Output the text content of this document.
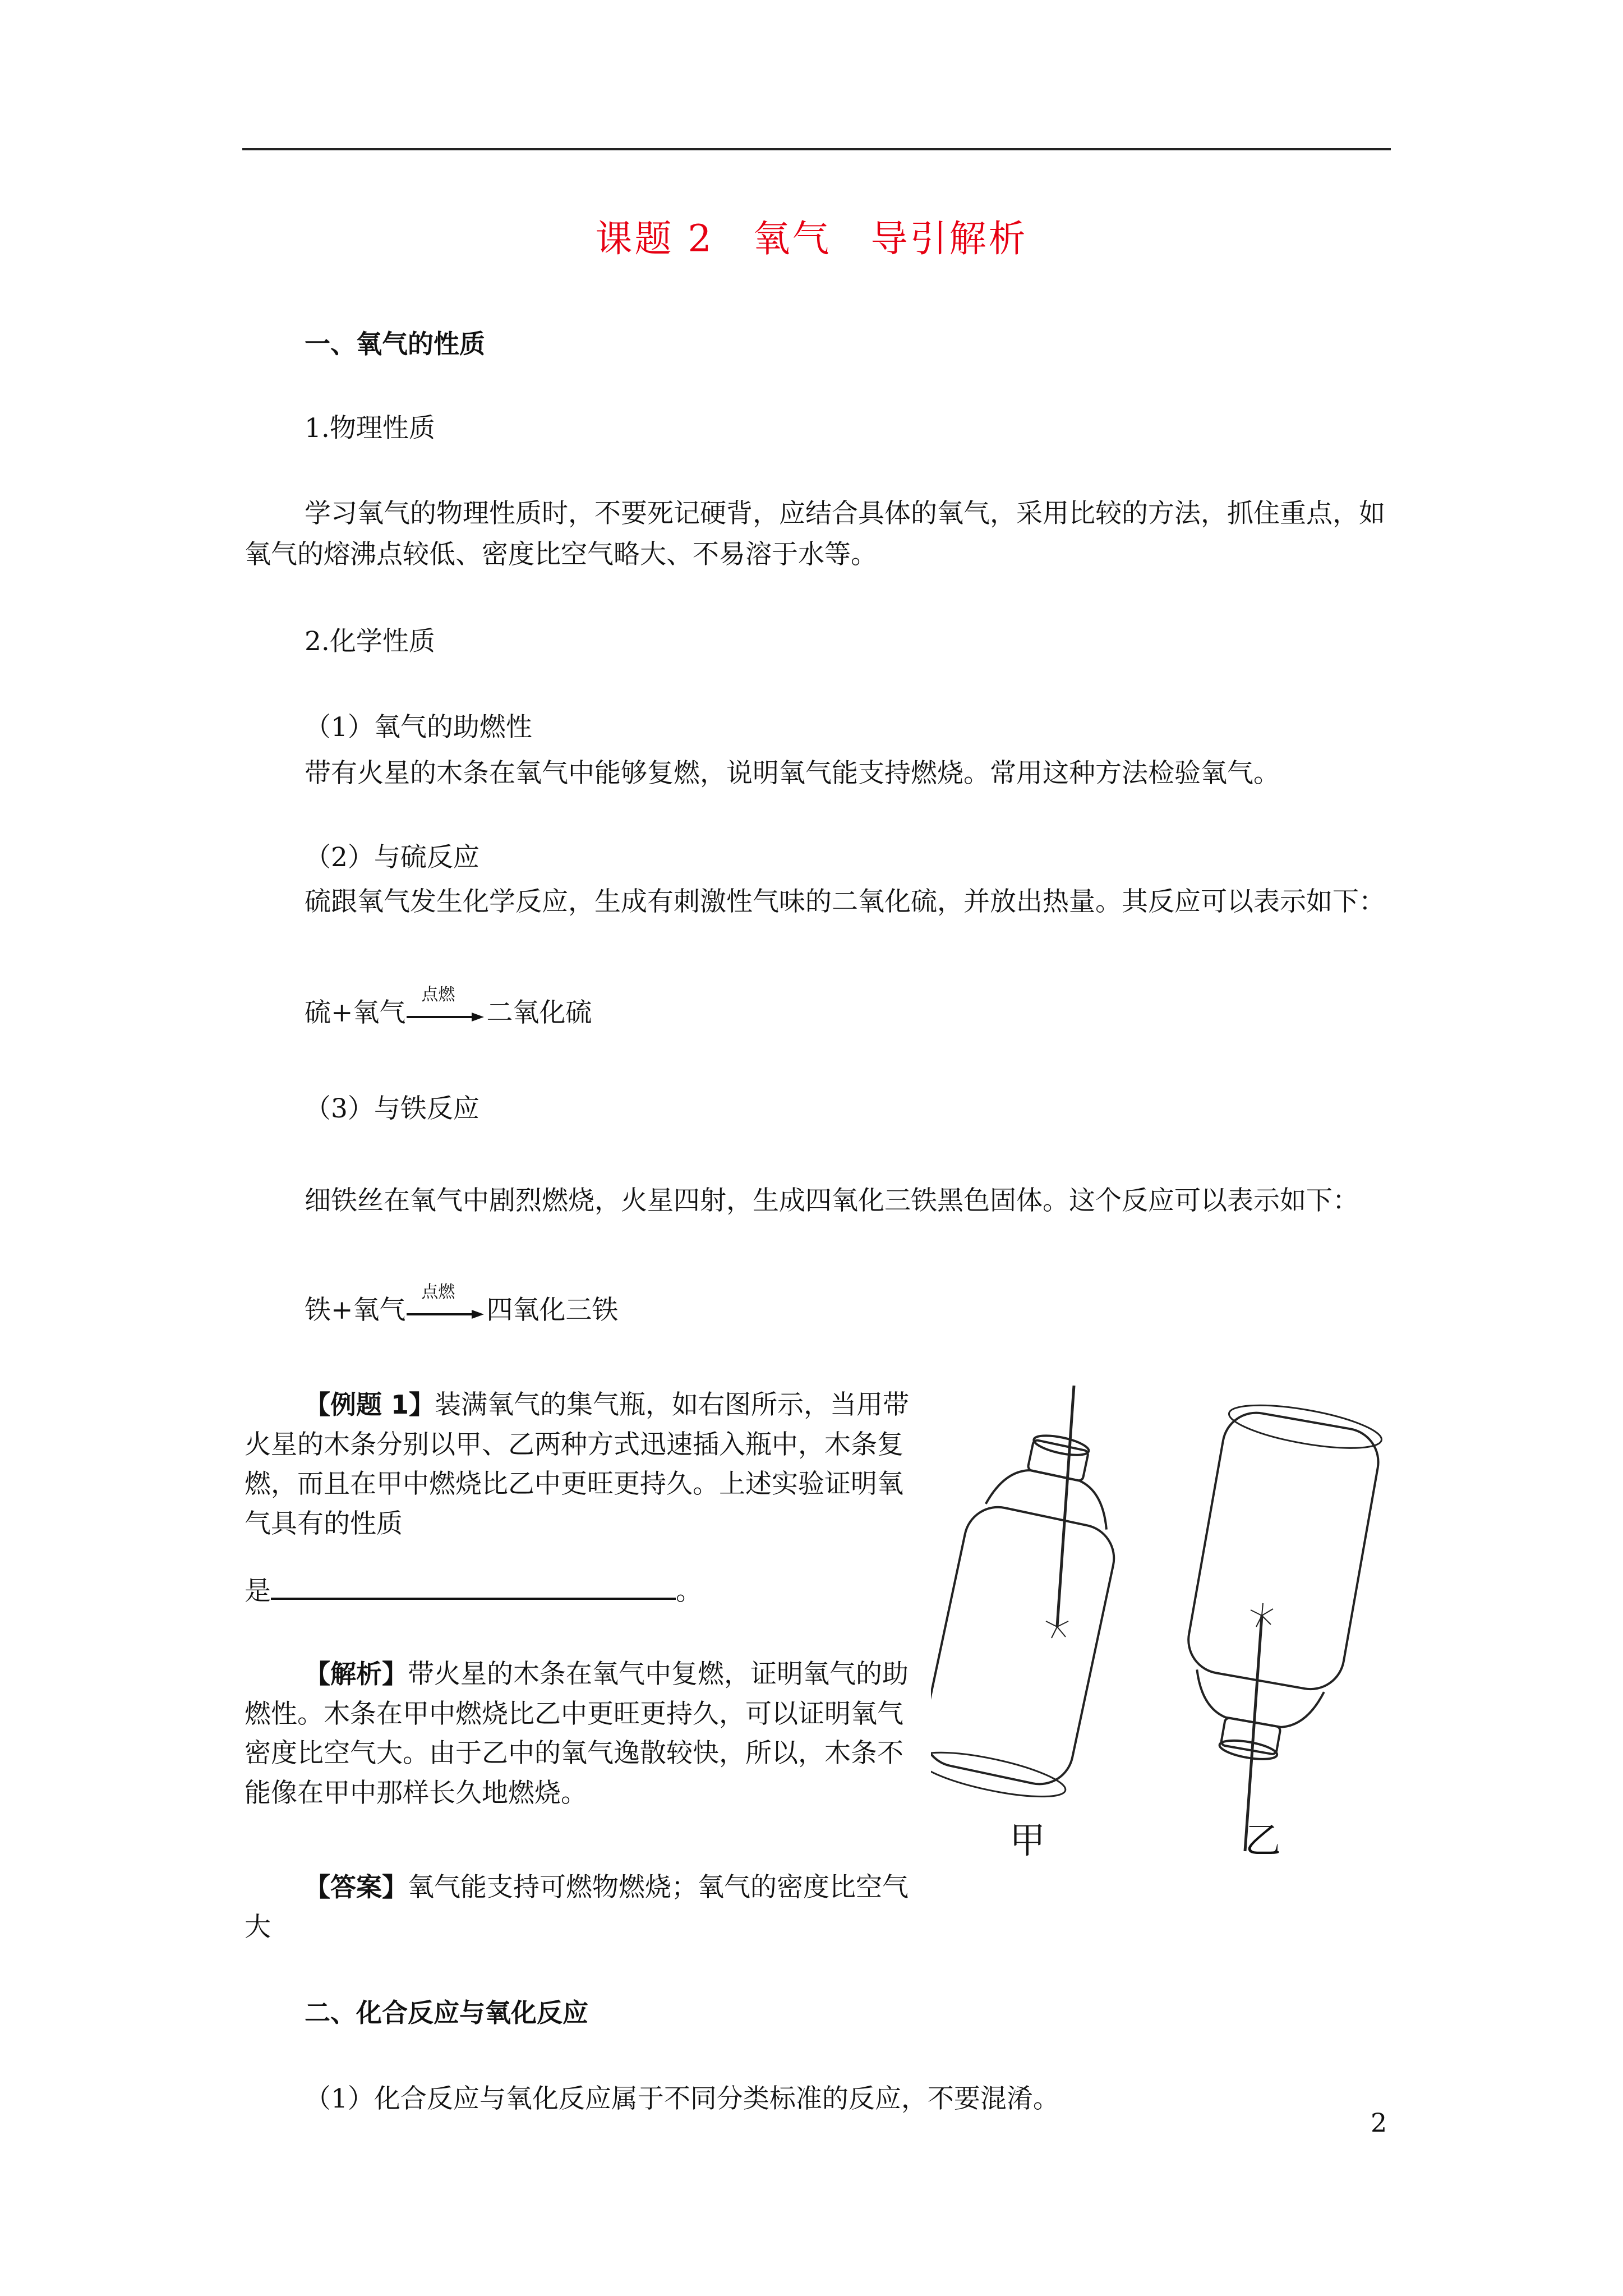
课题 2　氧气　导引解析
一、氧气的性质
1.物理性质
学习氧气的物理性质时，不要死记硬背，应结合具体的氧气，采用比较的方法，抓住重点，如氧气的熔沸点较低、密度比空气略大、不易溶于水等。
2.化学性质
（1）氧气的助燃性
带有火星的木条在氧气中能够复燃，说明氧气能支持燃烧。常用这种方法检验氧气。
（2）与硫反应
硫跟氧气发生化学反应，生成有刺激性气味的二氧化硫，并放出热量。其反应可以表示如下：
硫+氧气
点燃
二氧化硫
（3）与铁反应
细铁丝在氧气中剧烈燃烧，火星四射，生成四氧化三铁黑色固体。这个反应可以表示如下：
铁+氧气
点燃
四氧化三铁
【例题 1】装满氧气的集气瓶，如右图所示，当用带火星的木条分别以甲、乙两种方式迅速插入瓶中，木条复燃，而且在甲中燃烧比乙中更旺更持久。上述实验证明氧气具有的性质
是	。
【解析】带火星的木条在氧气中复燃，证明氧气的助燃性。木条在甲中燃烧比乙中更旺更持久，可以证明氧气密度比空气大。由于乙中的氧气逸散较快，所以，木条不能像在甲中那样长久地燃烧。
【答案】氧气能支持可燃物燃烧；氧气的密度比空气大
甲	乙
二、化合反应与氧化反应
（1）化合反应与氧化反应属于不同分类标准的反应，不要混淆。
2
